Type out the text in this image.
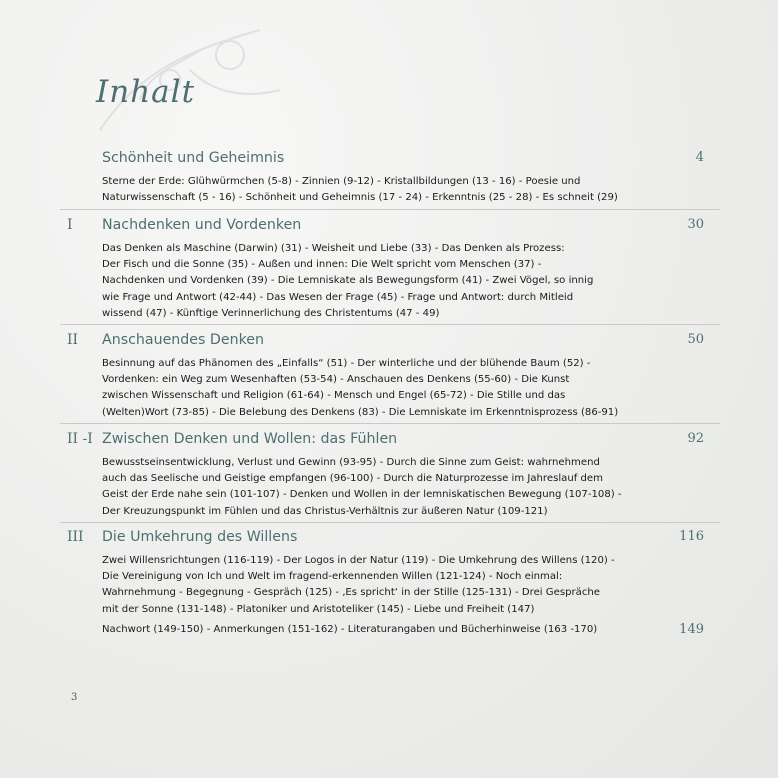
Inhalt
Schönheit und Geheimnis	4
Sterne der Erde: Glühwürmchen (5-8) - Zinnien (9-12) - Kristallbildungen (13 - 16) - Poesie und
Naturwissenschaft (5 - 16) - Schönheit und Geheimnis (17 - 24) - Erkenntnis (25 - 28) - Es schneit (29)
I Nachdenken und Vordenken	30
Das Denken als Maschine (Darwin) (31) - Weisheit und Liebe (33) - Das Denken als Prozess:
Der Fisch und die Sonne (35) - Außen und innen: Die Welt spricht vom Menschen (37) -
Nachdenken und Vordenken (39) - Die Lemniskate als Bewegungsform (41) - Zwei Vögel, so innig
wie Frage und Antwort (42-44) - Das Wesen der Frage (45) - Frage und Antwort: durch Mitleid
wissend (47) - Künftige Verinnerlichung des Christentums (47 - 49)
II Anschauendes Denken	50
Besinnung auf das Phänomen des „Einfalls“ (51) - Der winterliche und der blühende Baum (52) -
Vordenken: ein Weg zum Wesenhaften (53-54) - Anschauen des Denkens (55-60) - Die Kunst
zwischen Wissenschaft und Religion (61-64) - Mensch und Engel (65-72) - Die Stille und das
(Welten)Wort (73-85) - Die Belebung des Denkens (83) - Die Lemniskate im Erkenntnisprozess (86-91)
II -I Zwischen Denken und Wollen: das Fühlen	92
Bewusstseinsentwicklung, Verlust und Gewinn (93-95) - Durch die Sinne zum Geist: wahrnehmend
auch das Seelische und Geistige empfangen (96-100) - Durch die Naturprozesse im Jahreslauf dem
Geist der Erde nahe sein (101-107) - Denken und Wollen in der lemniskatischen Bewegung (107-108) -
Der Kreuzungspunkt im Fühlen und das Christus-Verhältnis zur äußeren Natur (109-121)
III Die Umkehrung des Willens	116
Zwei Willensrichtungen (116-119) - Der Logos in der Natur (119) - Die Umkehrung des Willens (120) -
Die Vereinigung von Ich und Welt im fragend-erkennenden Willen (121-124) - Noch einmal:
Wahrnehmung - Begegnung - Gespräch (125) - ‚Es spricht‘ in der Stille (125-131) - Drei Gespräche
mit der Sonne (131-148) - Platoniker und Aristoteliker (145) - Liebe und Freiheit (147)
Nachwort (149-150) - Anmerkungen (151-162) - Literaturangaben und Bücherhinweise (163 -170)	149
3
